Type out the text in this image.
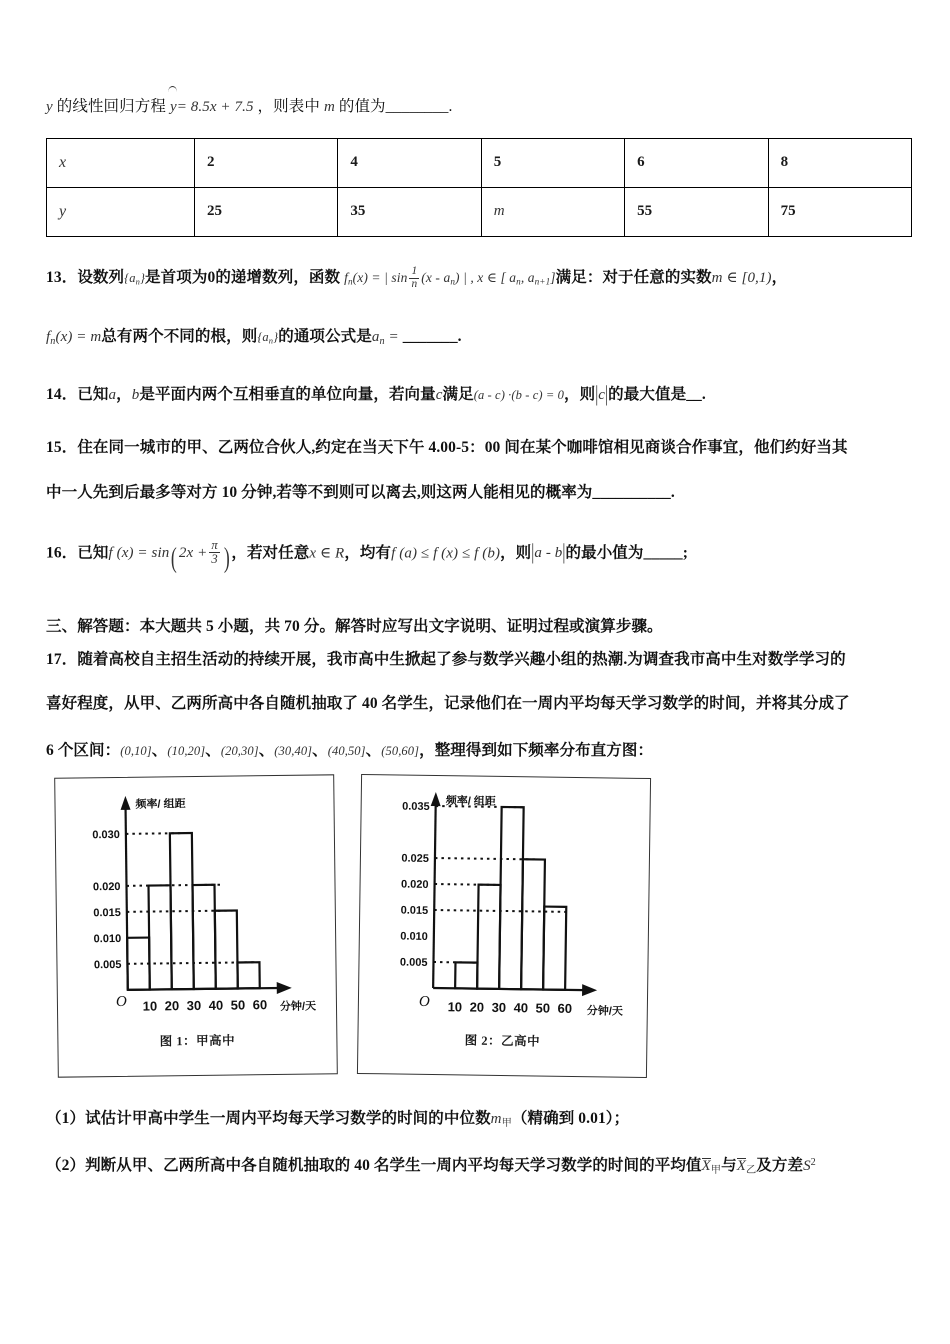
y 的线性回归方程 y= 8.5x + 7.5 ，则表中 m 的值为________.

x	2	4	5	6	8
y	25	35	m	55	75

13．设数列$\{a_n\}$是首项为0的递增数列，函数 $f_n(x)$ = | $\sin \frac{1}{n} (x - a_n)$ | , x ∈ [ $a_n$, $a_{n+1}$]满足：对于任意的实数m ∈ [0,1)，

$f_n(x) = m$总有两个不同的根，则$\{a_n\}$的通项公式是$a_n$ = _______.

14．已知a，b是平面内两个互相垂直的单位向量，若向量c满足(a - c) ·(b - c) = 0，则|c|的最大值是__.

15．住在同一城市的甲、乙两位合伙人,约定在当天下午 4.00-5：00 间在某个咖啡馆相见商谈合作事宜，他们约好当其

中一人先到后最多等对方 10 分钟,若等不到则可以离去,则这两人能相见的概率为__________.

16．已知f (x) = sin( $2x + \frac{\pi}{3}$ ) ，若对任意x ∈ R，均有f (a) ≤ f (x) ≤ f (b)，则|a - b|的最小值为_____;

三、解答题：本大题共 5 小题，共 70 分。解答时应写出文字说明、证明过程或演算步骤。

17．随着高校自主招生活动的持续开展，我市高中生掀起了参与数学兴趣小组的热潮.为调查我市高中生对数学学习的

喜好程度，从甲、乙两所高中各自随机抽取了 40 名学生，记录他们在一周内平均每天学习数学的时间，并将其分成了

6 个区间：(0,10]、(10,20]、(20,30]、(30,40]、(40,50]、(50,60]，整理得到如下频率分布直方图：

0.030
0.020
0.015
0.010
0.005
O 10 20 30 40 50 60
频率/ 组距
分钟/天
图 1：甲高中
0.035
0.025
0.020
0.015
0.010
0.005
O 10 20 30 40 50 60
频率/ 组距
分钟/天
图 2：乙高中

（1）试估计甲高中学生一周内平均每天学习数学的时间的中位数$m_甲$（精确到 0.01）；

（2）判断从甲、乙两所高中各自随机抽取的 40 名学生一周内平均每天学习数学的时间的平均值$X_甲$与$X_乙$及方差$S^2$
